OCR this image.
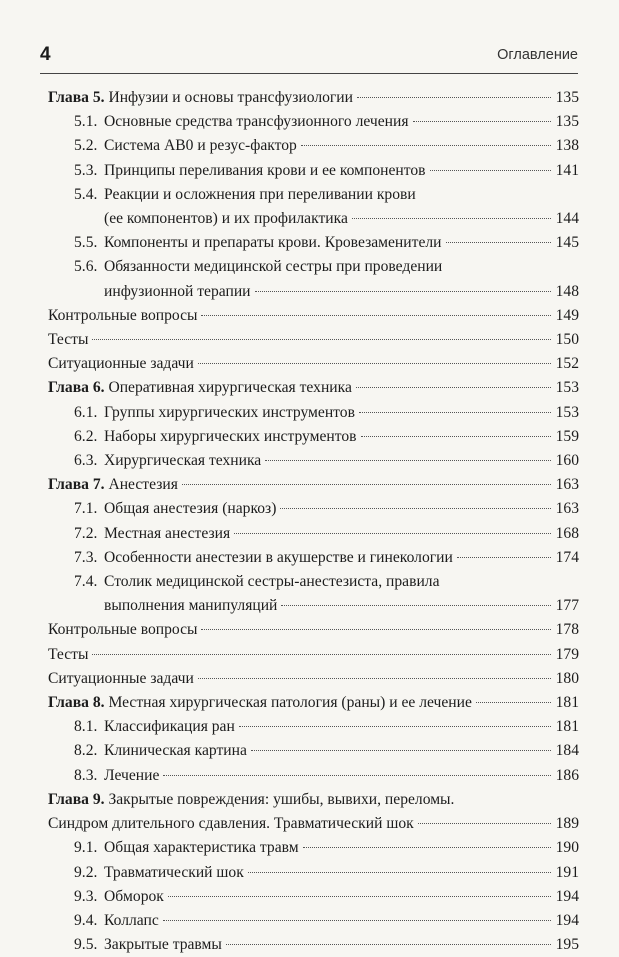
4	Оглавление
Глава 5. Инфузии и основы трансфузиологии	135
5.1. Основные средства трансфузионного лечения	135
5.2. Система АВ0 и резус-фактор	138
5.3. Принципы переливания крови и ее компонентов	141
5.4. Реакции и осложнения при переливании крови
(ее компонентов) и их профилактика	144
5.5. Компоненты и препараты крови. Кровезаменители	145
5.6. Обязанности медицинской сестры при проведении
инфузионной терапии	148
Контрольные вопросы	149
Тесты	150
Ситуационные задачи	152
Глава 6. Оперативная хирургическая техника	153
6.1. Группы хирургических инструментов	153
6.2. Наборы хирургических инструментов	159
6.3. Хирургическая техника	160
Глава 7. Анестезия	163
7.1. Общая анестезия (наркоз)	163
7.2. Местная анестезия	168
7.3. Особенности анестезии в акушерстве и гинекологии	174
7.4. Столик медицинской сестры-анестезиста, правила
выполнения манипуляций	177
Контрольные вопросы	178
Тесты	179
Ситуационные задачи	180
Глава 8. Местная хирургическая патология (раны) и ее лечение	181
8.1. Классификация ран	181
8.2. Клиническая картина	184
8.3. Лечение	186
Глава 9. Закрытые повреждения: ушибы, вывихи, переломы.
Синдром длительного сдавления. Травматический шок	189
9.1. Общая характеристика травм	190
9.2. Травматический шок	191
9.3. Обморок	194
9.4. Коллапс	194
9.5. Закрытые травмы	195
